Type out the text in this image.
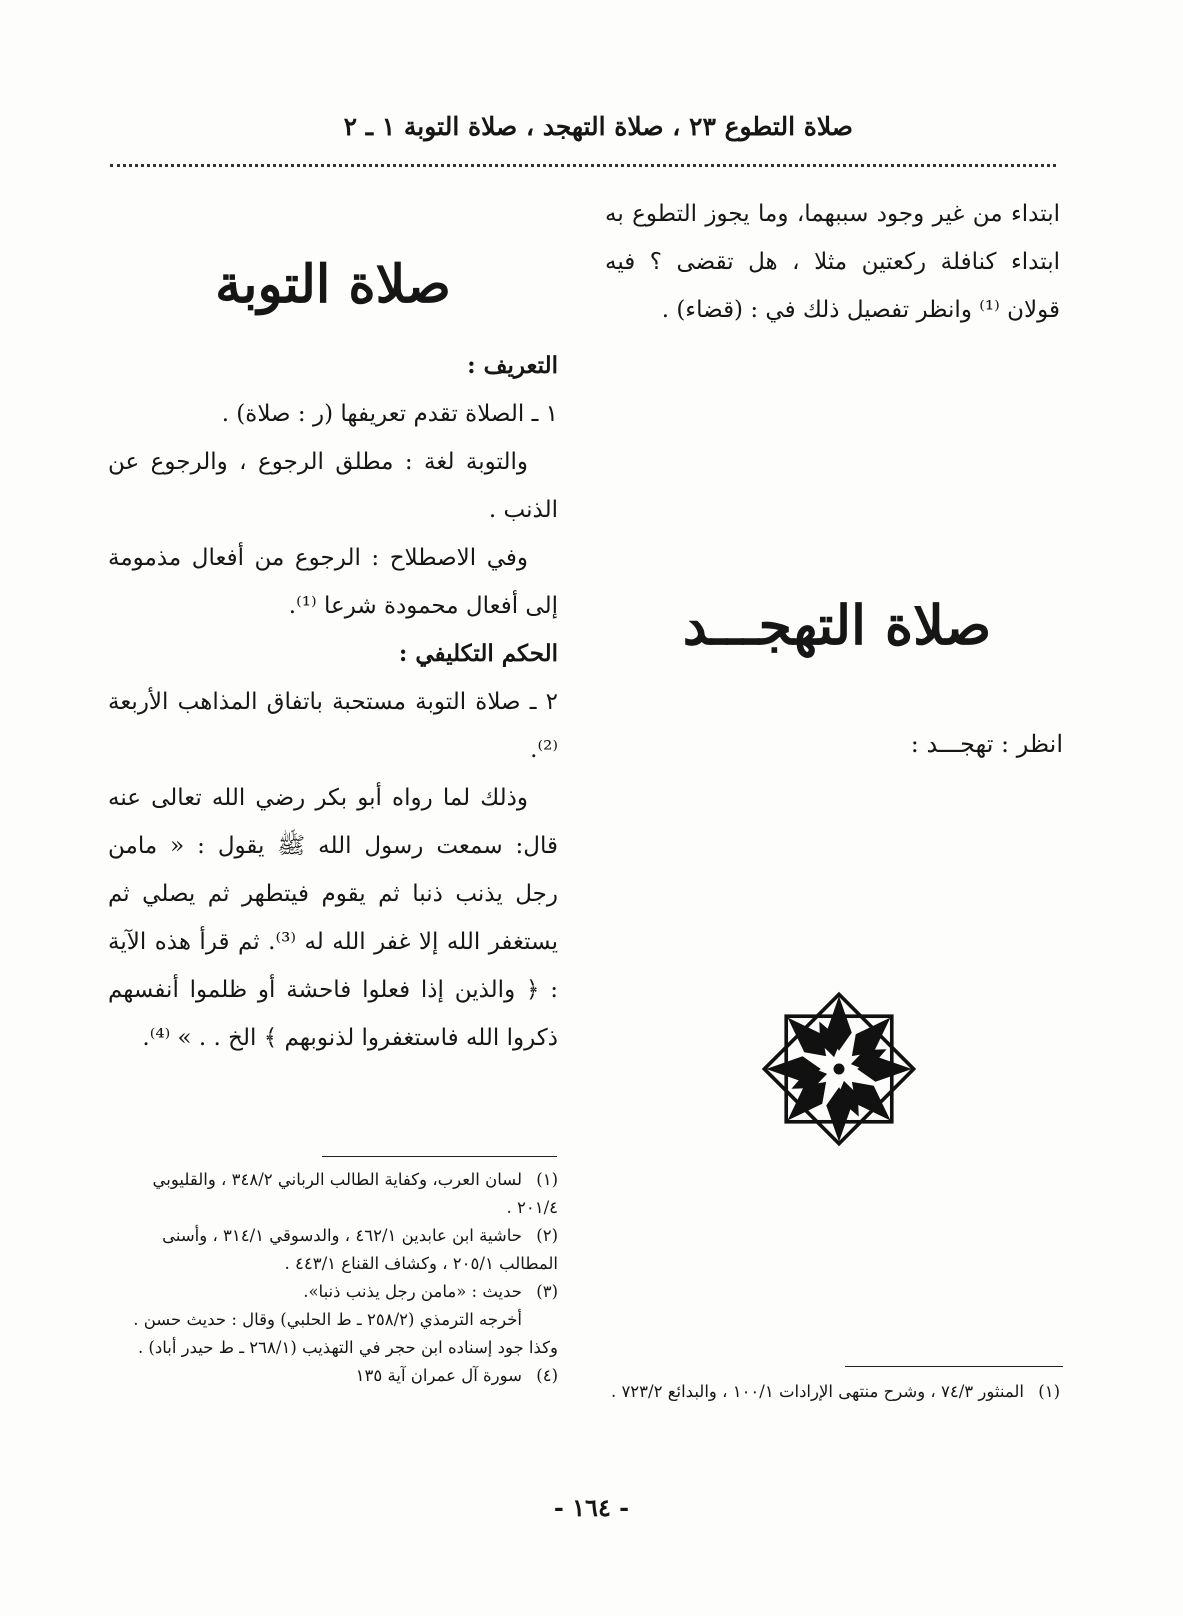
صلاة التطوع ٢٣ ، صلاة التهجد ، صلاة التوبة ١ ـ ٢

ابتداء من غير وجود سببهما، وما يجوز التطوع به ابتداء كنافلة ركعتين مثلا ، هل تقضى ؟ فيه قولان ⁽¹⁾ وانظر تفصيل ذلك في : (قضاء) .

صلاة التهجـــد
انظر : تهجـــد :

(١)المنثور ٧٤/٣ ، وشرح منتهى الإرادات ١٠٠/١ ، والبدائع ٧٢٣/٢ .

صلاة التوبة

التعريف :

١ ـ الصلاة تقدم تعريفها (ر : صلاة) .

والتوبة لغة : مطلق الرجوع ، والرجوع عن الذنب .

وفي الاصطلاح : الرجوع من أفعال مذمومة إلى أفعال محمودة شرعا ⁽¹⁾.

الحكم التكليفي :

٢ ـ صلاة التوبة مستحبة باتفاق المذاهب الأربعة ⁽²⁾.

وذلك لما رواه أبو بكر رضي الله تعالى عنه قال: سمعت رسول الله ﷺ يقول : « مامن رجل يذنب ذنبا ثم يقوم فيتطهر ثم يصلي ثم يستغفر الله إلا غفر الله له ⁽³⁾. ثم قرأ هذه الآية : ﴿ والذين إذا فعلوا فاحشة أو ظلموا أنفسهم ذكروا الله فاستغفروا لذنوبهم ﴾ الخ . . » ⁽⁴⁾.

(١)لسان العرب، وكفاية الطالب الرباني ٣٤٨/٢ ، والقليوبي ٢٠١/٤ .

(٢)حاشية ابن عابدين ٤٦٢/١ ، والدسوقي ٣١٤/١ ، وأسنى المطالب ٢٠٥/١ ، وكشاف القناع ٤٤٣/١ .

(٣)حديث : «مامن رجل يذنب ذنبا».

أخرجه الترمذي (٢٥٨/٢ ـ ط الحلبي) وقال : حديث حسن . وكذا جود إسناده ابن حجر في التهذيب (٢٦٨/١ ـ ط حيدر أباد) .

(٤)سورة آل عمران آية ١٣٥

- ١٦٤ -
